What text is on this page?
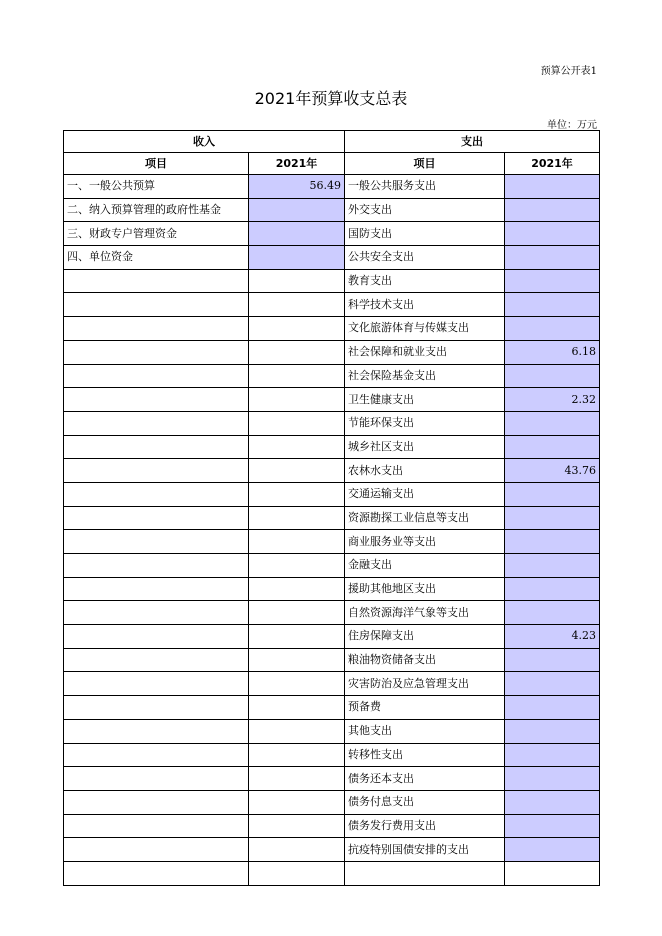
预算公开表1
2021年预算收支总表
单位：万元
收入		支出	
项目	2021年	项目	2021年
一、一般公共预算	56.49	一般公共服务支出	
二、纳入预算管理的政府性基金		外交支出	
三、财政专户管理资金		国防支出	
四、单位资金		公共安全支出	
		教育支出	
		科学技术支出	
		文化旅游体育与传媒支出	
		社会保障和就业支出	6.18
		社会保险基金支出	
		卫生健康支出	2.32
		节能环保支出	
		城乡社区支出	
		农林水支出	43.76
		交通运输支出	
		资源勘探工业信息等支出	
		商业服务业等支出	
		金融支出	
		援助其他地区支出	
		自然资源海洋气象等支出	
		住房保障支出	4.23
		粮油物资储备支出	
		灾害防治及应急管理支出	
		预备费	
		其他支出	
		转移性支出	
		债务还本支出	
		债务付息支出	
		债务发行费用支出	
		抗疫特别国债安排的支出	
